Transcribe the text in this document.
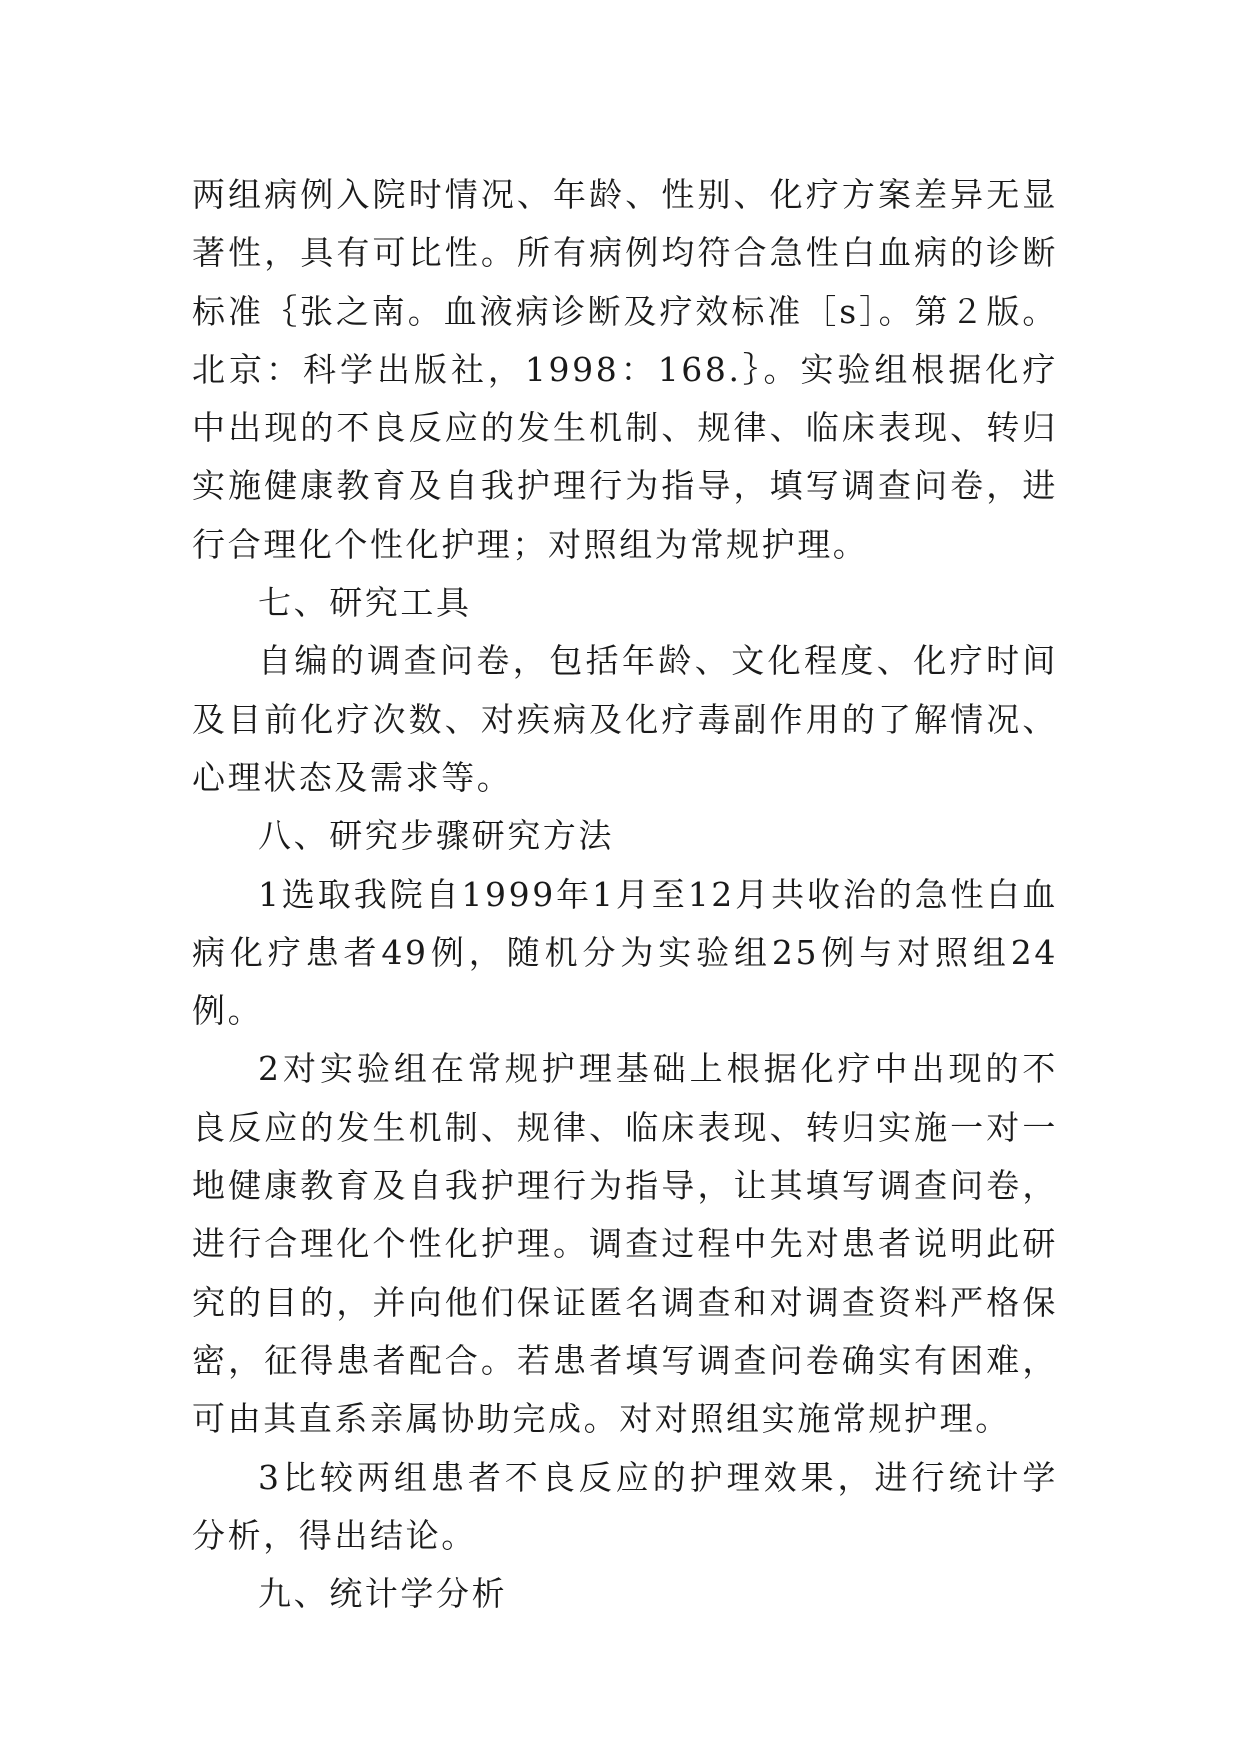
两组病例入院时情况、年龄、性别、化疗方案差异无显著性，具有可比性。所有病例均符合急性白血病的诊断标准｛张之南。血液病诊断及疗效标准［s］。第２版。北京：科学出版社，1998：168.｝。实验组根据化疗中出现的不良反应的发生机制、规律、临床表现、转归实施健康教育及自我护理行为指导，填写调查问卷，进行合理化个性化护理；对照组为常规护理。

七、研究工具

自编的调查问卷，包括年龄、文化程度、化疗时间及目前化疗次数、对疾病及化疗毒副作用的了解情况、心理状态及需求等。

八、研究步骤研究方法

1选取我院自1999年1月至12月共收治的急性白血病化疗患者49例，随机分为实验组25例与对照组24例。

2对实验组在常规护理基础上根据化疗中出现的不良反应的发生机制、规律、临床表现、转归实施一对一地健康教育及自我护理行为指导，让其填写调查问卷，进行合理化个性化护理。调查过程中先对患者说明此研究的目的，并向他们保证匿名调查和对调查资料严格保密，征得患者配合。若患者填写调查问卷确实有困难，可由其直系亲属协助完成。对对照组实施常规护理。

3比较两组患者不良反应的护理效果，进行统计学分析，得出结论。

九、统计学分析
